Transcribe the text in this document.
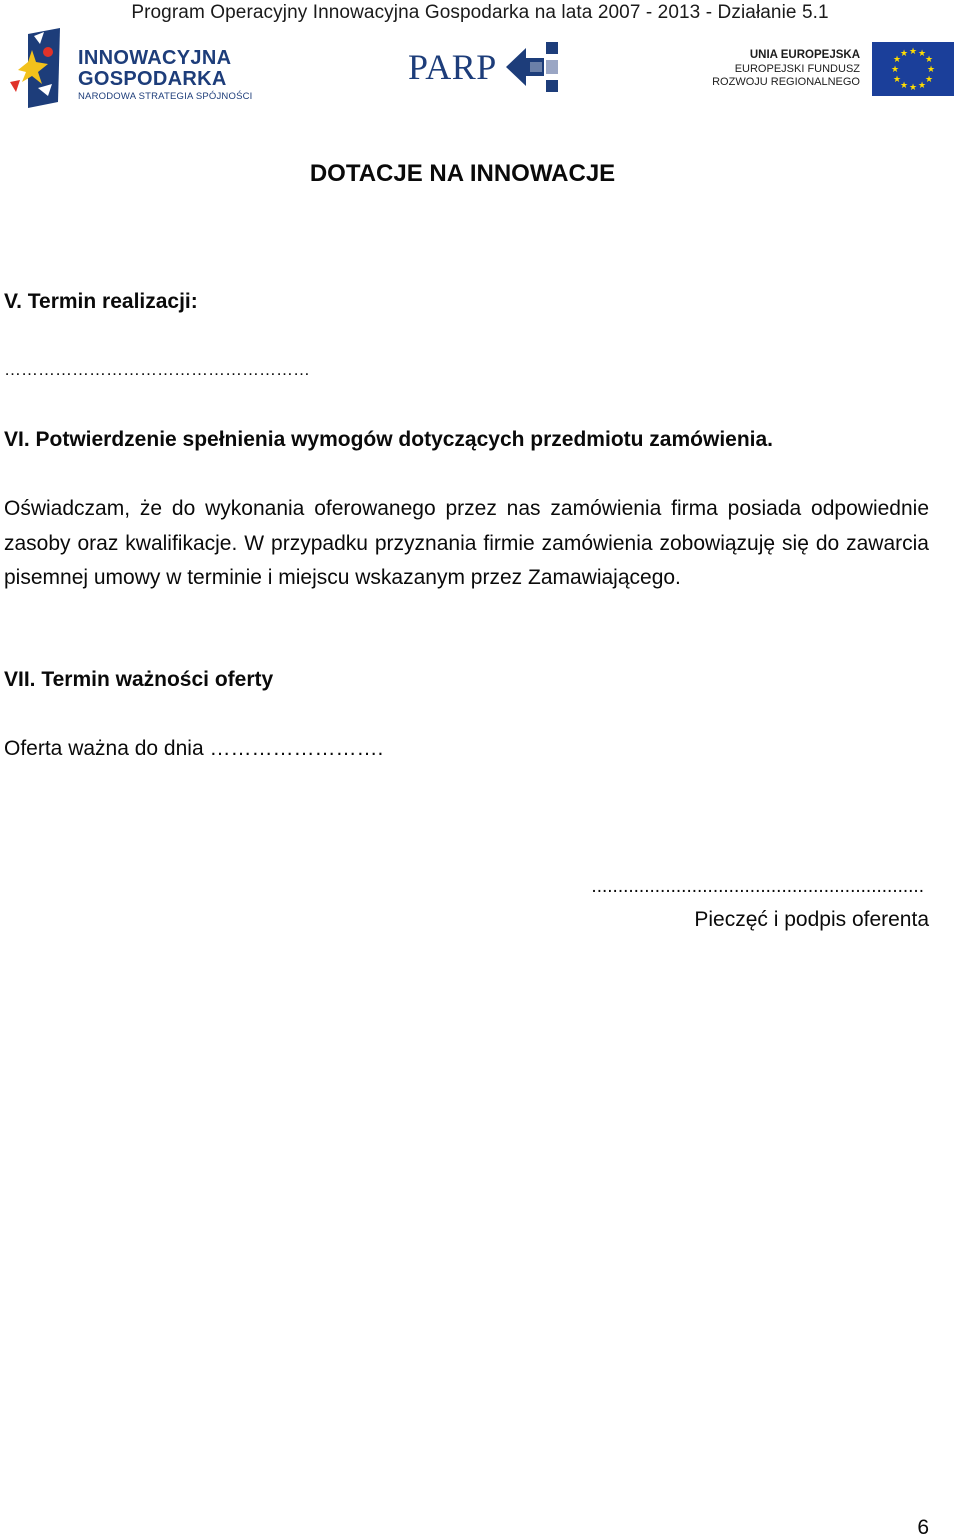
Program Operacyjny Innowacyjna Gospodarka na lata 2007 - 2013 - Działanie 5.1
INNOWACYJNA
GOSPODARKA
NARODOWA STRATEGIA SPÓJNOŚCI
PARP	UNIA EUROPEJSKA
EUROPEJSKI FUNDUSZ
ROZWOJU REGIONALNEGO
★ ★
★
★
★
★
★
★
★
★
★
★
DOTACJE NA INNOWACJE
V. Termin realizacji:
………………………………………………
VI. Potwierdzenie spełnienia wymogów dotyczących przedmiotu zamówienia.
Oświadczam, że do wykonania oferowanego przez nas zamówienia firma posiada odpowiednie zasoby oraz kwalifikacje. W przypadku przyznania firmie zamówienia zobowiązuję się do zawarcia pisemnej umowy w terminie i miejscu wskazanym przez Zamawiającego.
VII. Termin ważności oferty
Oferta ważna do dnia …………………….
...............................................................
Pieczęć i podpis oferenta
6
